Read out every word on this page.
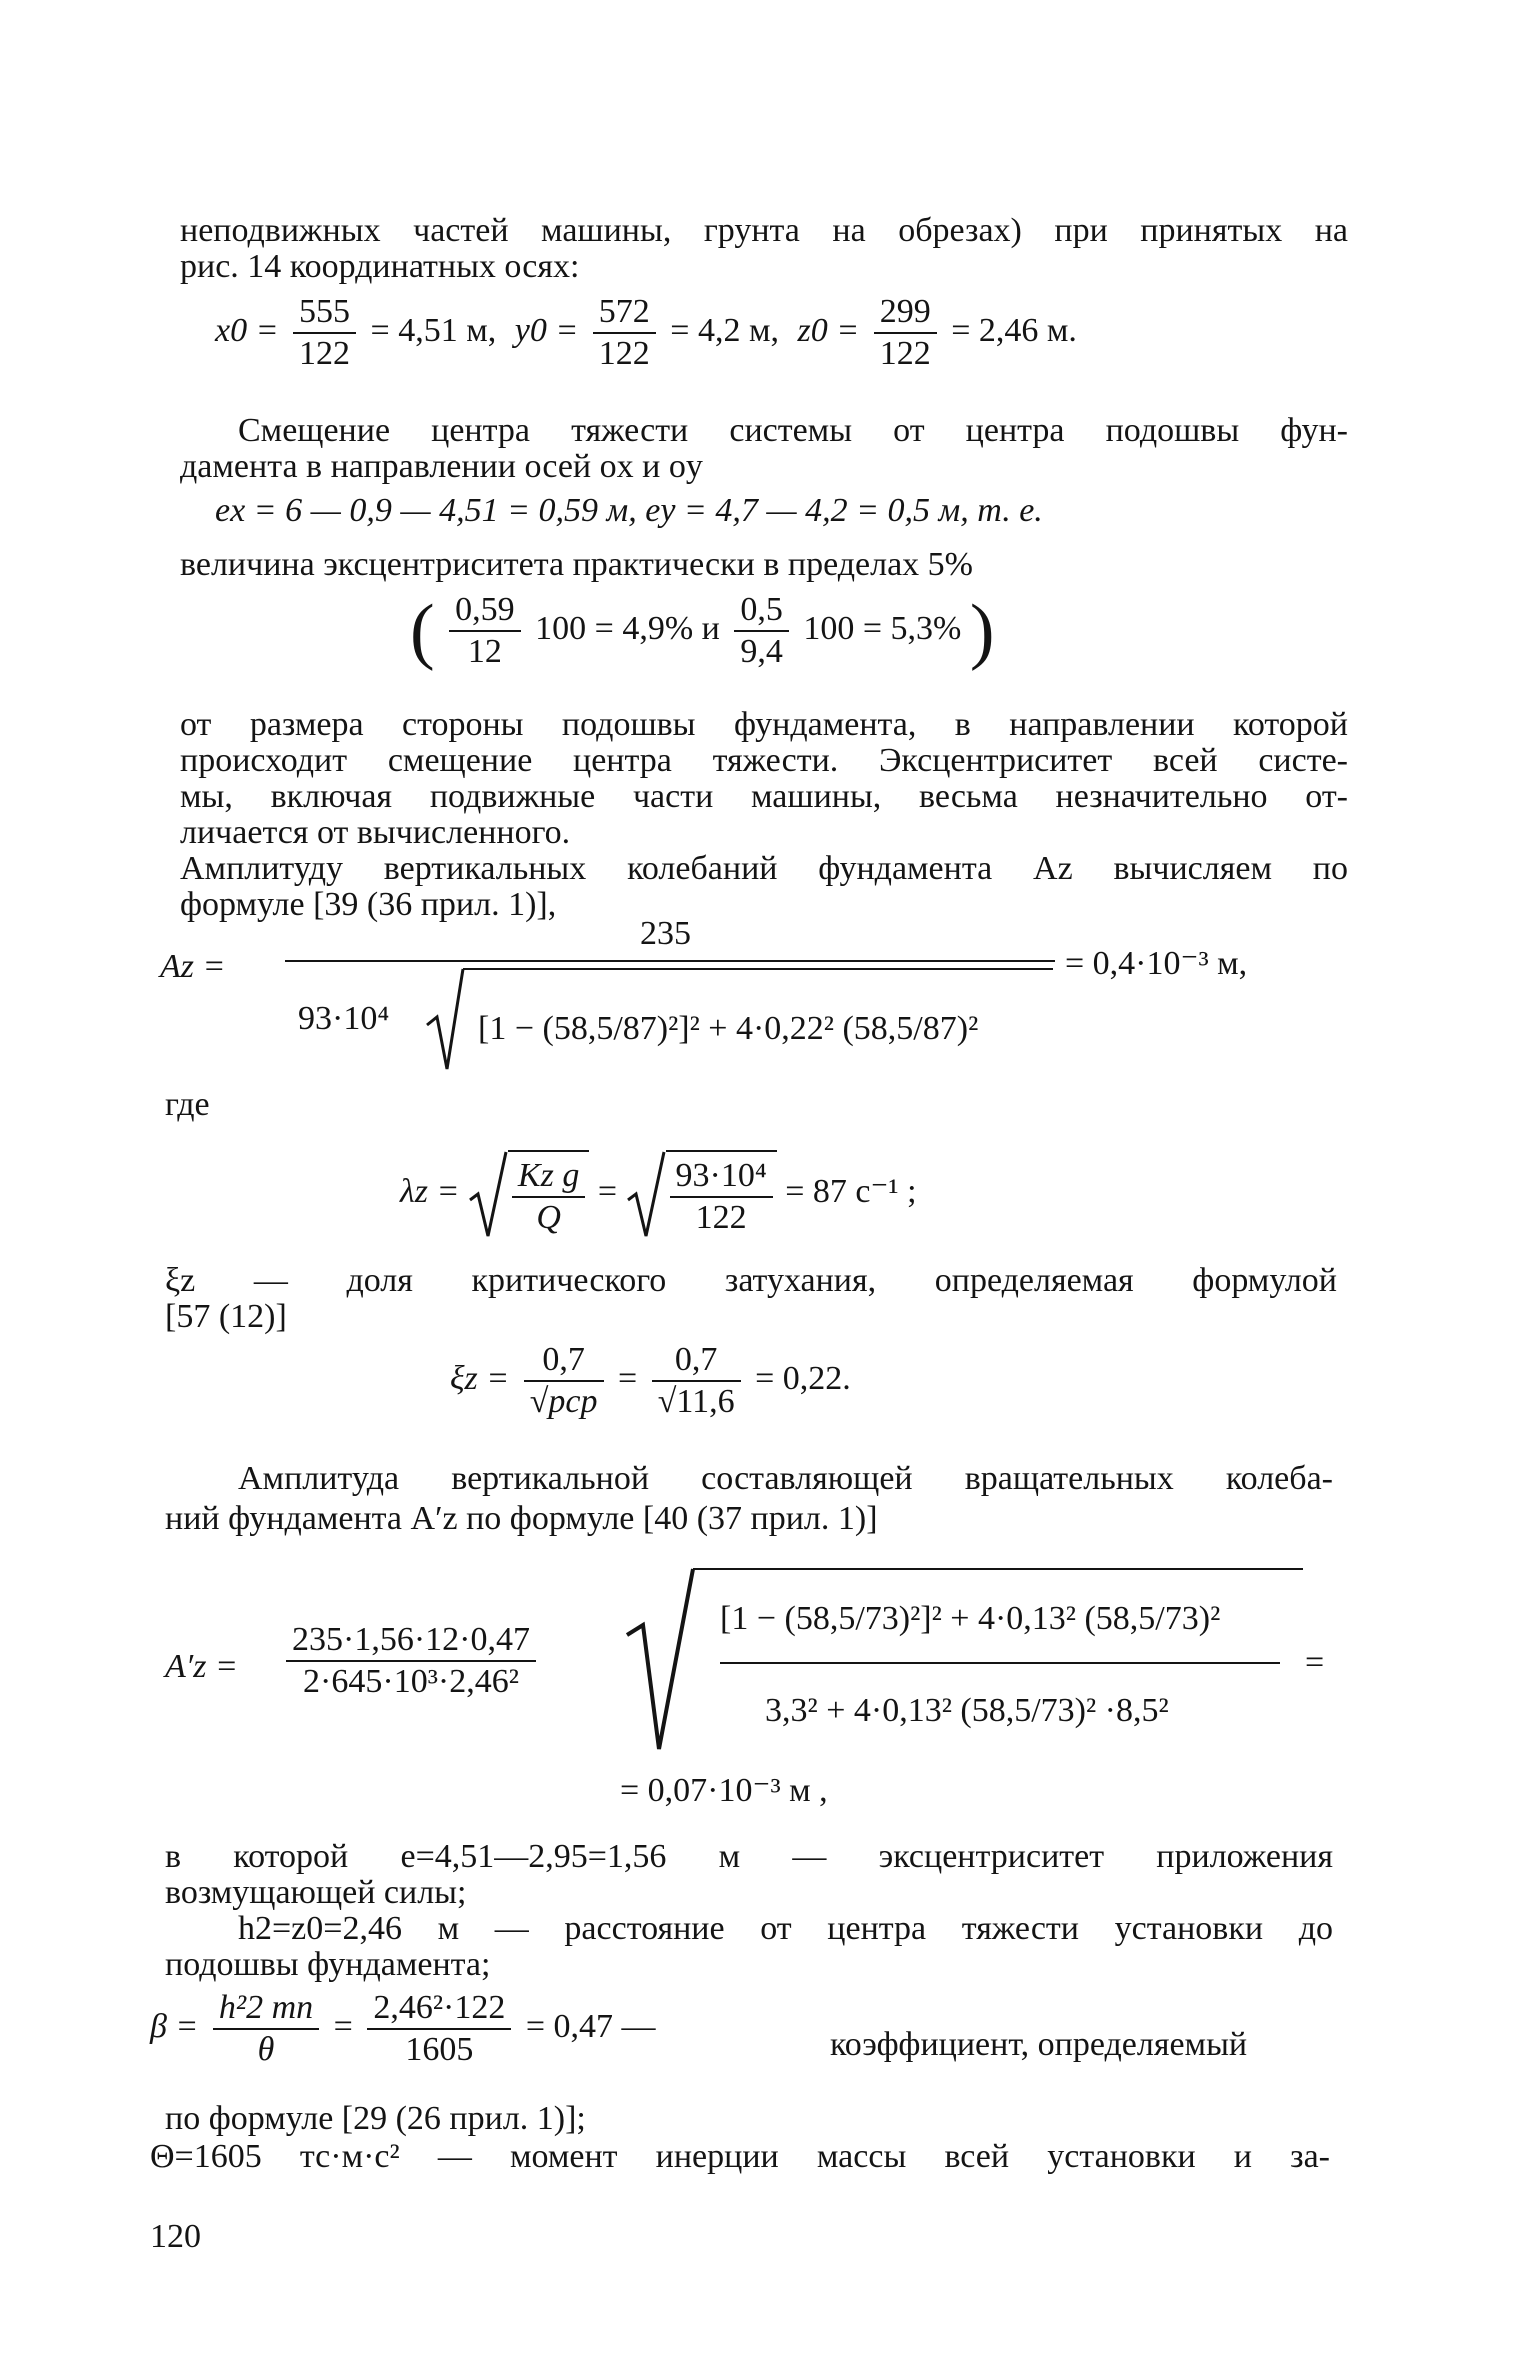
неподвижных частей машины, грунта на обрезах) при принятых на
рис. 14 координатных осях:
$x0 = \frac{555}{122} = 4,51$ м, $y0 = \frac{572}{122} = 4,2$ м, $z0 = \frac{299}{122} = 2,46$ м.
Смещение центра тяжести системы от центра подошвы фун-
дамента в направлении осей ox и oy
ex = 6 — 0,9 — 4,51 = 0,59 м, ey = 4,7 — 4,2 = 0,5 м, т. е.
величина эксцентриситета практически в пределах 5%
( $\frac{0,59}{12} 100 = 4,9\%$ и $\frac{0,5}{9,4} 100 = 5,3\%$ )
от размера стороны подошвы фундамента, в направлении которой
происходит смещение центра тяжести. Эксцентриситет всей систе-
мы, включая подвижные части машины, весьма незначительно от-
личается от вычисленного.
Амплитуду вертикальных колебаний фундамента Az вычисляем по
формуле [39 (36 прил. 1)],
Az =
235
93·10⁴	[1 − (58,5/87)²]² + 4·0,22² (58,5/87)²
= 0,4·10⁻³ м,
где
$\lambda z = \frac{\text{Kz g}}{Q} = \frac{\text{93·10⁴}}{122} = 87$ с⁻¹ ;
ξz — доля критического затухания, определяемая формулой
[57 (12)]
$\xi z = \frac{0,7}{\text{√pcp}} = \frac{0,7}{√11,6} = 0,22$.
Амплитуда вертикальной составляющей вращательных колеба-
ний фундамента A′z по формуле [40 (37 прил. 1)]
$A'z = \frac{235\cdot 1,56\cdot 12\cdot 0,47}{\text{2·645·10³·2,46²}}$
[1 − (58,5/73)²]² + 4·0,13² (58,5/73)²
3,3² + 4·0,13² (58,5/73)² ·8,5²
=
= 0,07·10⁻³ м ,
в которой e=4,51—2,95=1,56 м — эксцентриситет приложения
возмущающей силы;
h2=z0=2,46 м — расстояние от центра тяжести установки до
подошвы фундамента;
$\beta = \frac{\text{h²2 mп}}{\theta} = \frac{\text{2,46²·122}}{1605} = 0,47$ —	коэффициент, определяемый
по формуле [29 (26 прил. 1)];
Θ=1605 тс·м·с² — момент инерции массы всей установки и за-
120
